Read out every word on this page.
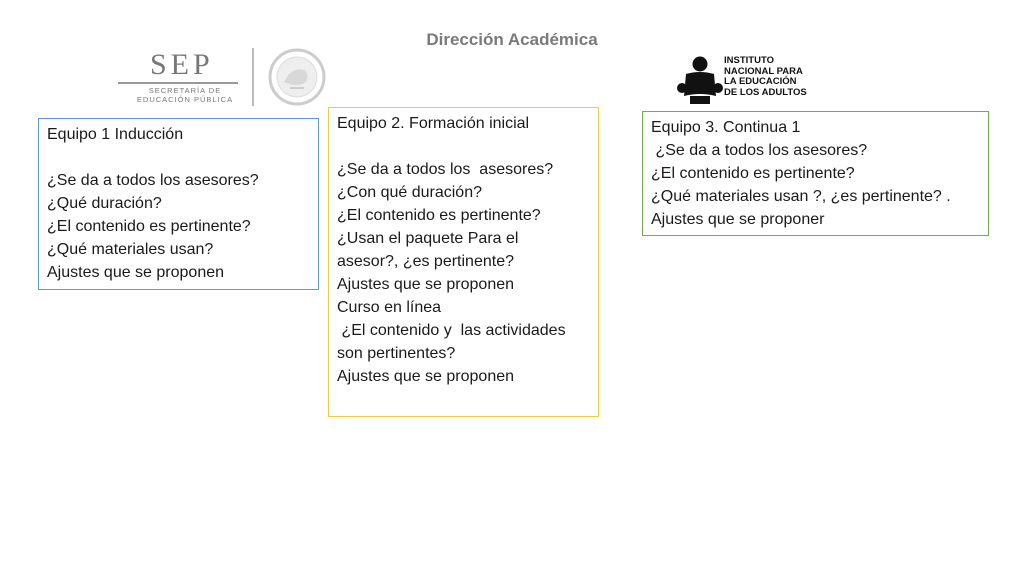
Dirección Académica
SEP
SECRETARÍA DE
EDUCACIÓN PÚBLICA
INSTITUTO
NACIONAL PARA
LA EDUCACIÓN
DE LOS ADULTOS
Equipo 1 Inducción
¿Se da a todos los asesores?
¿Qué duración?
¿El contenido es pertinente?
¿Qué materiales usan?
Ajustes que se proponen
Equipo 2. Formación inicial
¿Se da a todos los  asesores?
¿Con qué duración?
¿El contenido es pertinente?
¿Usan el paquete Para el
asesor?, ¿es pertinente?
Ajustes que se proponen
Curso en línea
¿El contenido y  las actividades
son pertinentes?
Ajustes que se proponen
Equipo 3. Continua 1
¿Se da a todos los asesores?
¿El contenido es pertinente?
¿Qué materiales usan ?, ¿es pertinente? .
Ajustes que se proponer
